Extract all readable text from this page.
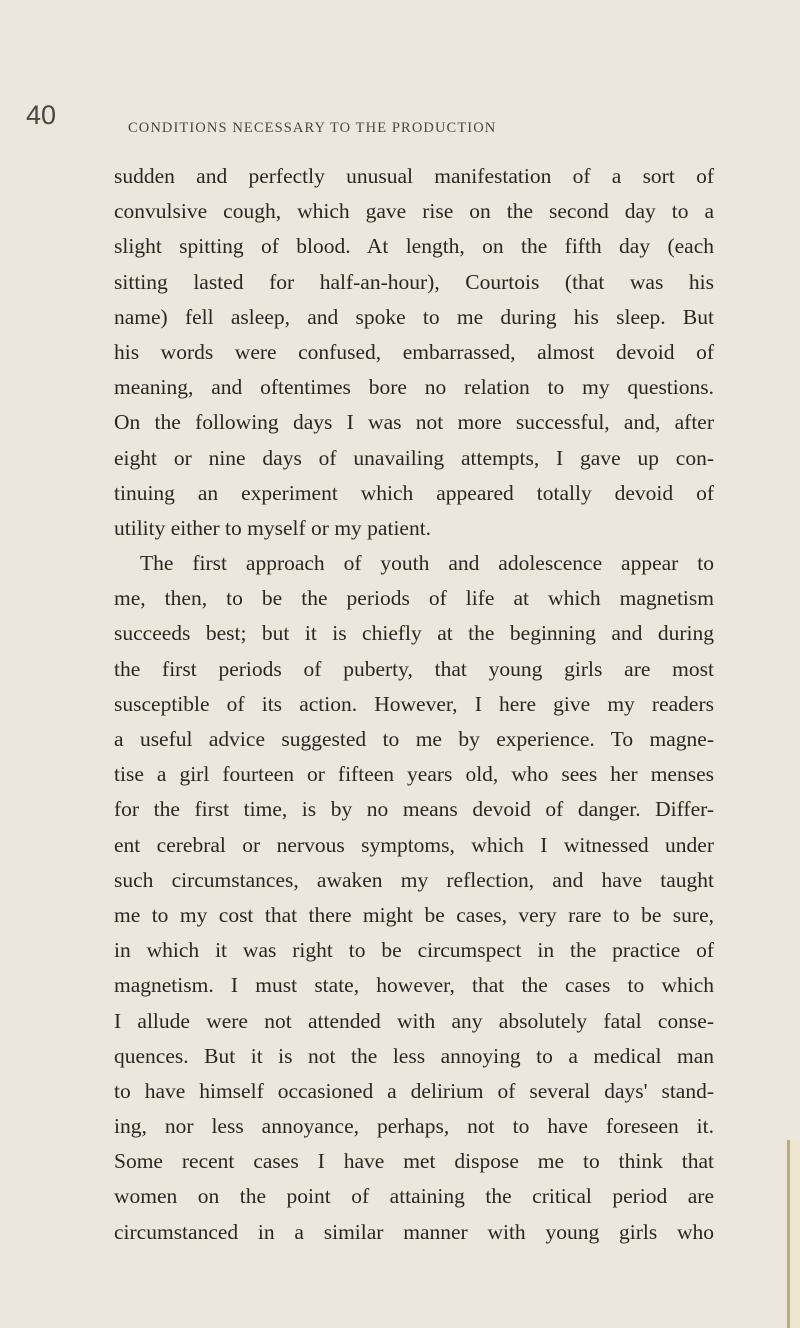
40	CONDITIONS NECESSARY TO THE PRODUCTION
sudden and perfectly unusual manifestation of a sort of
convulsive cough, which gave rise on the second day to a
slight spitting of blood. At length, on the fifth day (each
sitting lasted for half-an-hour), Courtois (that was his
name) fell asleep, and spoke to me during his sleep. But
his words were confused, embarrassed, almost devoid of
meaning, and oftentimes bore no relation to my questions.
On the following days I was not more successful, and, after
eight or nine days of unavailing attempts, I gave up con-
tinuing an experiment which appeared totally devoid of
utility either to myself or my patient.
The first approach of youth and adolescence appear to
me, then, to be the periods of life at which magnetism
succeeds best; but it is chiefly at the beginning and during
the first periods of puberty, that young girls are most
susceptible of its action. However, I here give my readers
a useful advice suggested to me by experience. To magne-
tise a girl fourteen or fifteen years old, who sees her menses
for the first time, is by no means devoid of danger. Differ-
ent cerebral or nervous symptoms, which I witnessed under
such circumstances, awaken my reflection, and have taught
me to my cost that there might be cases, very rare to be sure,
in which it was right to be circumspect in the practice of
magnetism. I must state, however, that the cases to which
I allude were not attended with any absolutely fatal conse-
quences. But it is not the less annoying to a medical man
to have himself occasioned a delirium of several days' stand-
ing, nor less annoyance, perhaps, not to have foreseen it.
Some recent cases I have met dispose me to think that
women on the point of attaining the critical period are
circumstanced in a similar manner with young girls who
